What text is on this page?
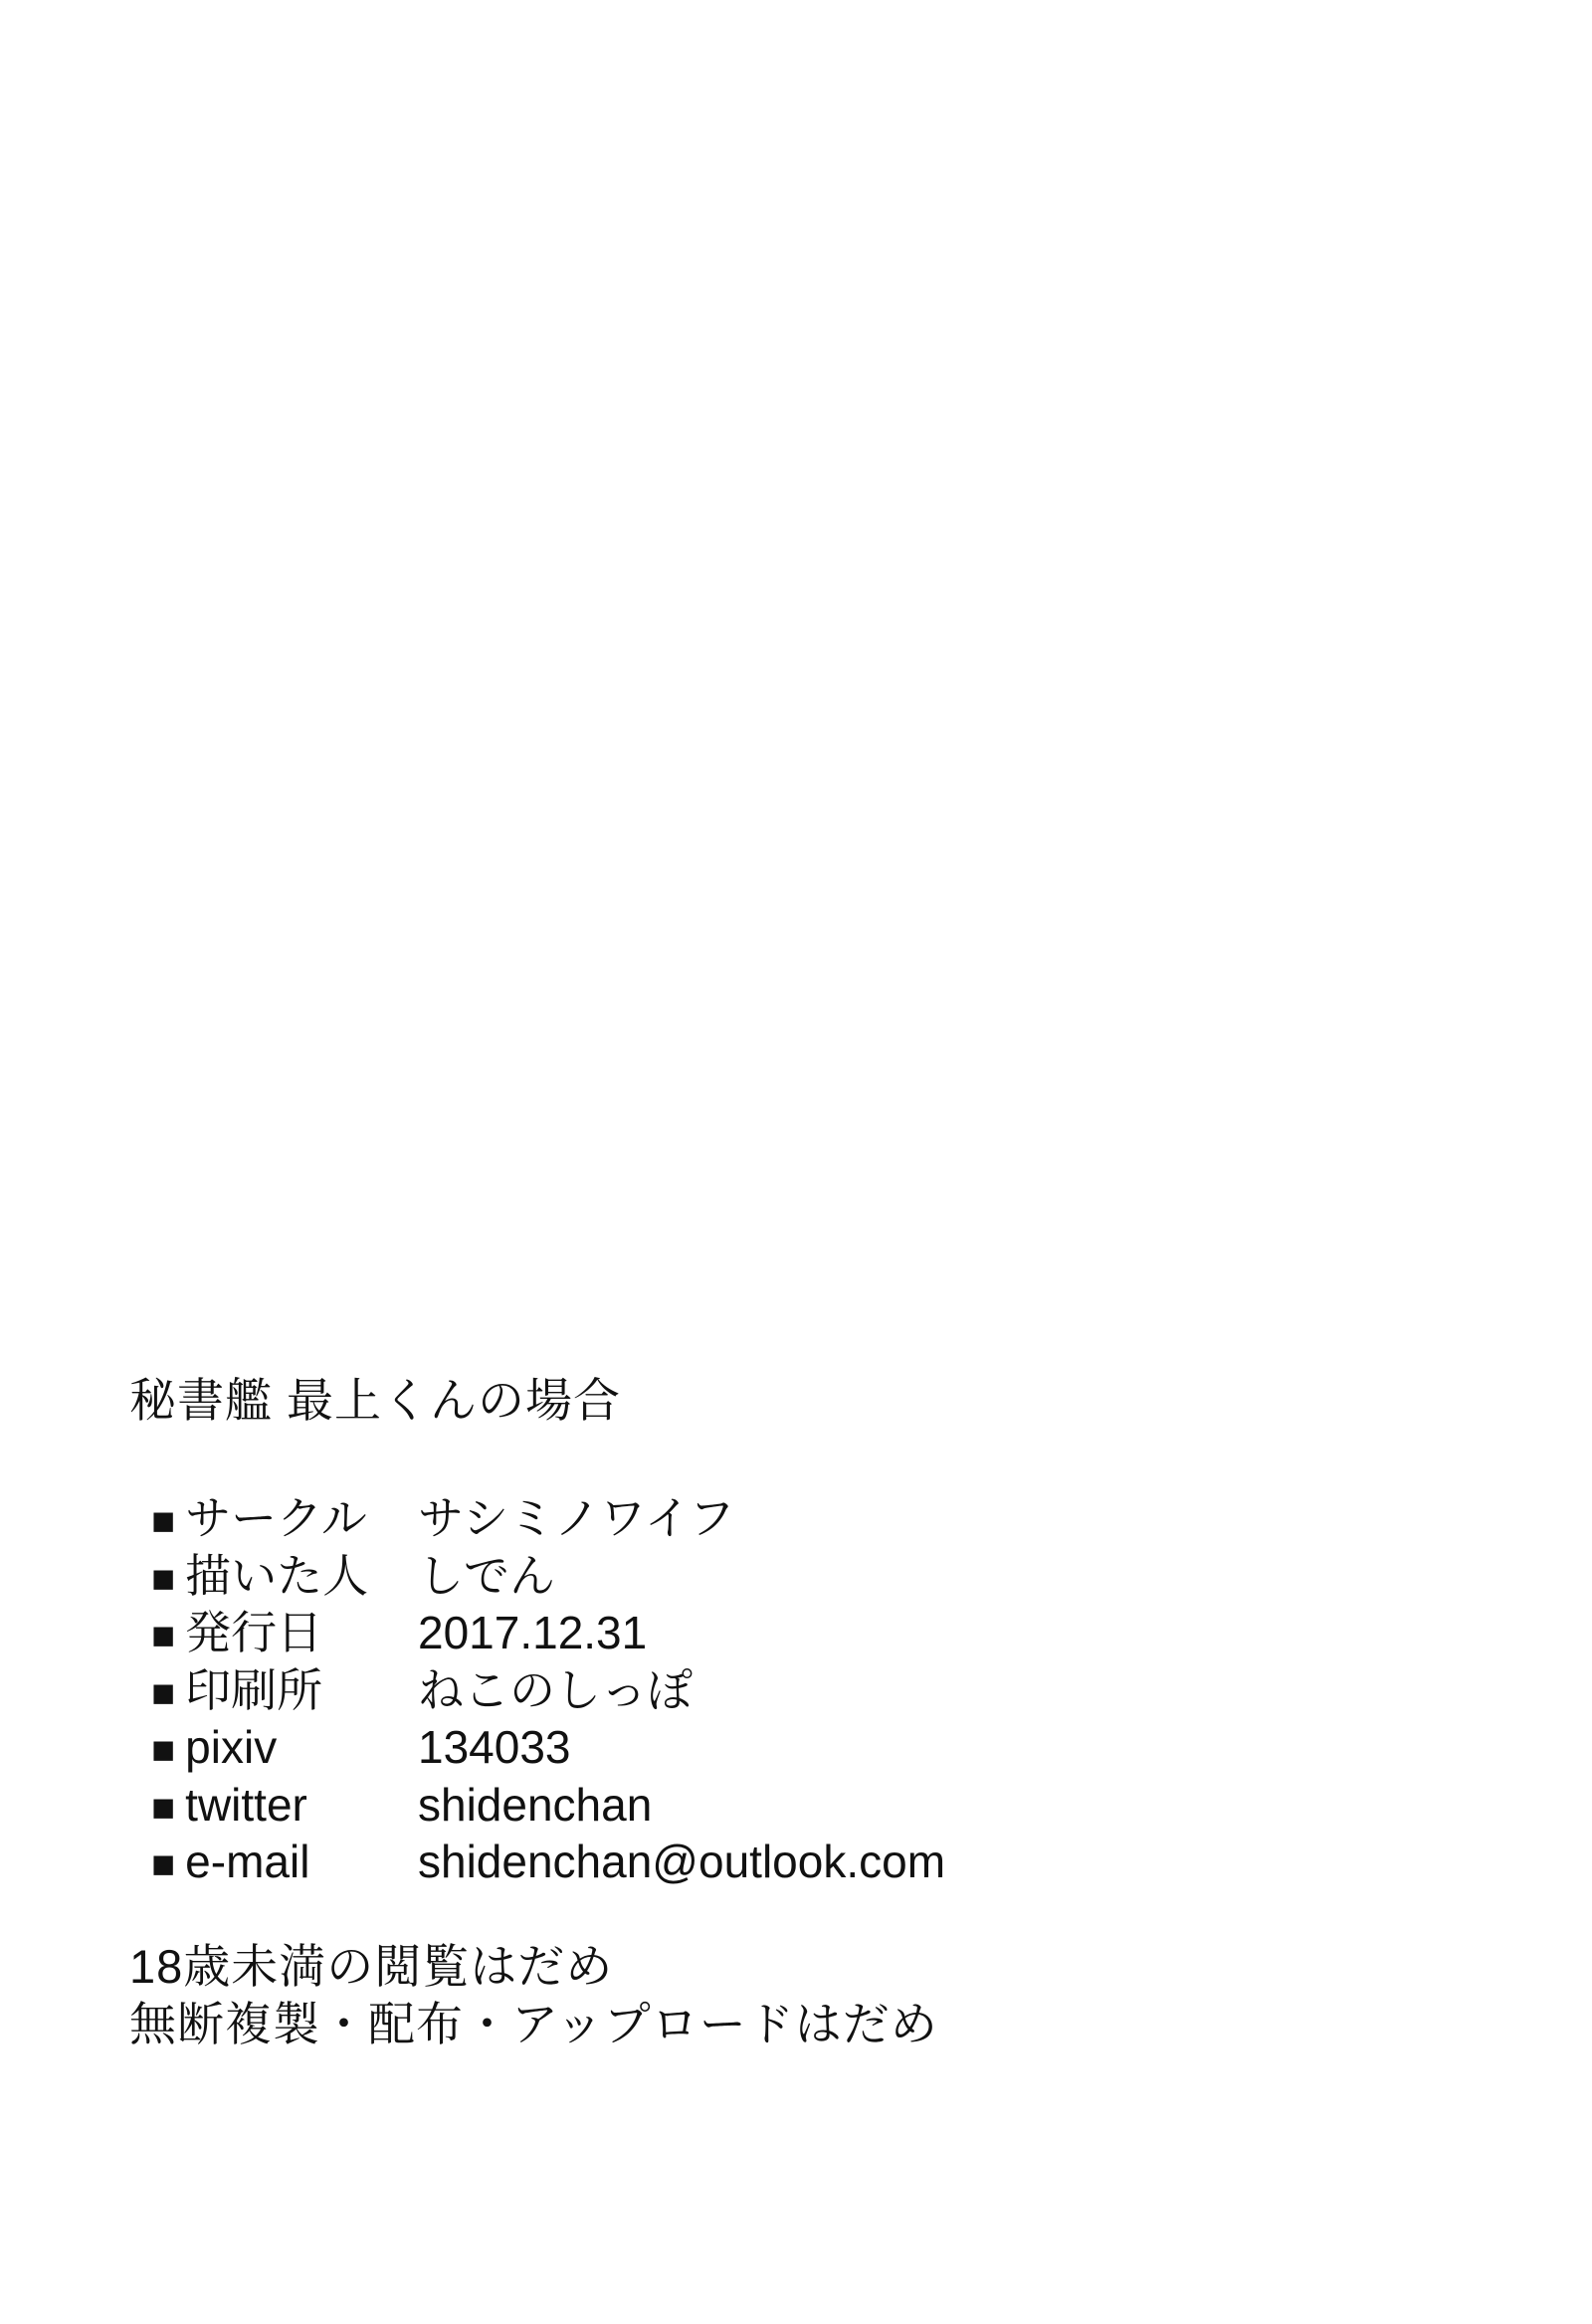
秘書艦 最上くんの場合
■ サークル サシミノワイフ
■ 描いた人 しでん
■ 発行日 2017.12.31
■ 印刷所 ねこのしっぽ
■ pixiv	134033
■ twitter shidenchan
■ e-mail shidenchan@outlook.com
18歳未満の閲覧はだめ
無断複製・配布・アップロードはだめ
